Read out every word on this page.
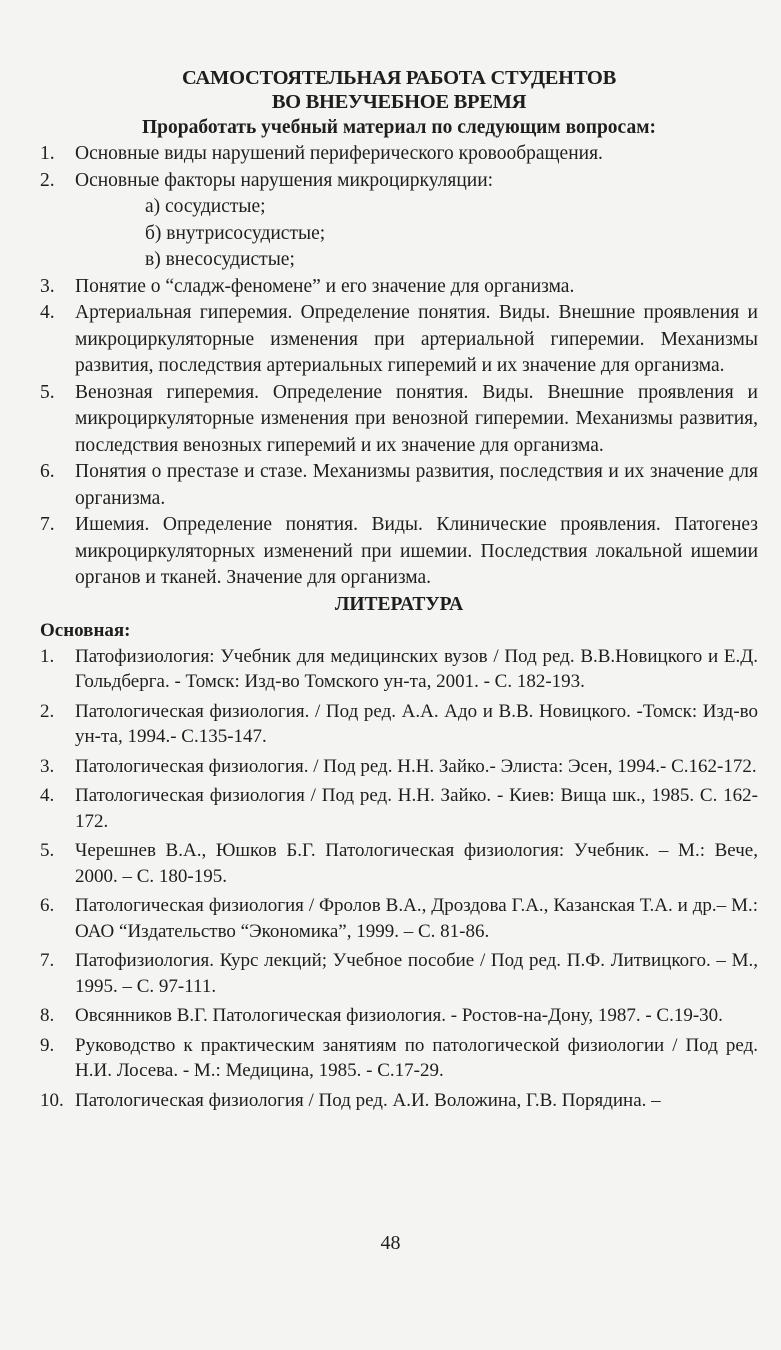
САМОСТОЯТЕЛЬНАЯ РАБОТА СТУДЕНТОВ
ВО ВНЕУЧЕБНОЕ ВРЕМЯ
Проработать учебный материал по следующим вопросам:
1. Основные виды нарушений периферического кровообращения.
2. Основные факторы нарушения микроциркуляции:
а) сосудистые;
б) внутрисосудистые;
в) внесосудистые;
3. Понятие о “сладж-феномене” и его значение для организма.
4. Артериальная гиперемия. Определение понятия. Виды. Внешние проявления и микроциркуляторные изменения при артериальной гиперемии. Механизмы развития, последствия артериальных гиперемий и их значение для организма.
5. Венозная гиперемия. Определение понятия. Виды. Внешние проявления и микроциркуляторные изменения при венозной гиперемии. Механизмы развития, последствия венозных гиперемий и их значение для организма.
6. Понятия о престазе и стазе. Механизмы развития, последствия и их значение для организма.
7. Ишемия. Определение понятия. Виды. Клинические проявления. Патогенез микроциркуляторных изменений при ишемии. Последствия локальной ишемии органов и тканей. Значение для организма.
ЛИТЕРАТУРА
Основная:
1. Патофизиология: Учебник для медицинских вузов / Под ред. В.В.Новицкого и Е.Д. Гольдберга. - Томск: Изд-во Томского ун-та, 2001. - С. 182-193.
2. Патологическая физиология. / Под ред. А.А. Адо и В.В. Новицкого. -Томск: Изд-во ун-та, 1994.- С.135-147.
3. Патологическая физиология. / Под ред. Н.Н. Зайко.- Элиста: Эсен, 1994.- С.162-172.
4. Патологическая физиология / Под ред. Н.Н. Зайко. - Киев: Вища шк., 1985. С. 162-172.
5. Черешнев В.А., Юшков Б.Г. Патологическая физиология: Учебник. – М.: Вече, 2000. – С. 180-195.
6. Патологическая физиология / Фролов В.А., Дроздова Г.А., Казанская Т.А. и др.– М.: ОАО “Издательство “Экономика”, 1999. – С. 81-86.
7. Патофизиология. Курс лекций; Учебное пособие / Под ред. П.Ф. Литвицкого. – М., 1995. – С. 97-111.
8. Овсянников В.Г. Патологическая физиология. - Ростов-на-Дону, 1987. - С.19-30.
9. Руководство к практическим занятиям по патологической физиологии / Под ред. Н.И. Лосева. - М.: Медицина, 1985. - С.17-29.
10. Патологическая физиология / Под ред. А.И. Воложина, Г.В. Порядина. –
48
